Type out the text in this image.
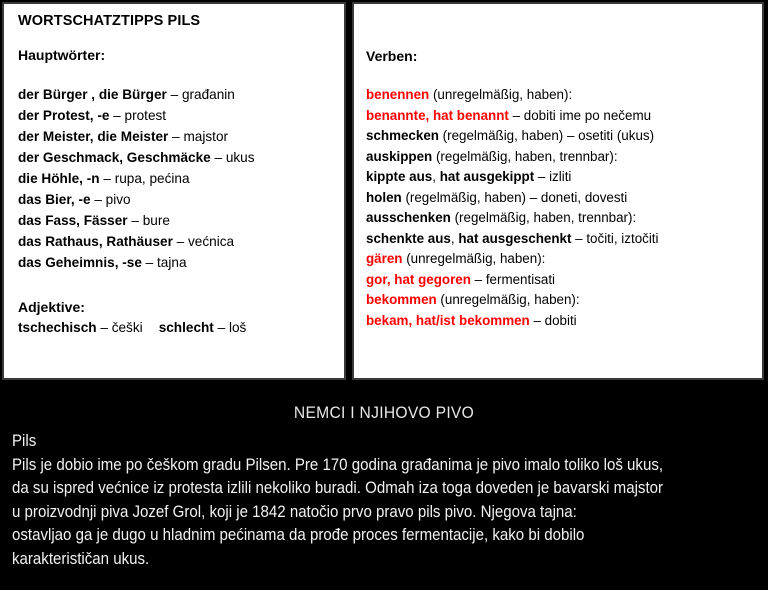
WORTSCHATZTIPPS PILS
Hauptwörter:
der Bürger , die Bürger – građanin
der Protest, -e – protest
der Meister, die Meister – majstor
der Geschmack, Geschmäcke – ukus
die Höhle, -n – rupa, pećina
das Bier, -e – pivo
das Fass, Fässer – bure
das Rathaus, Rathäuser – većnica
das Geheimnis, -se – tajna
Adjektive:
tschechisch – češki schlecht – loš
Verben:
benennen (unregelmäßig, haben):
benannte, hat benannt – dobiti ime po nečemu
schmecken (regelmäßig, haben) – osetiti (ukus)
auskippen (regelmäßig, haben, trennbar):
kippte aus, hat ausgekippt – izliti
holen (regelmäßig, haben) – doneti, dovesti
ausschenken (regelmäßig, haben, trennbar):
schenkte aus, hat ausgeschenkt – točiti, iztočiti
gären (unregelmäßig, haben):
gor, hat gegoren – fermentisati
bekommen (unregelmäßig, haben):
bekam, hat/ist bekommen – dobiti
NEMCI I NJIHOVO PIVO
Pils
Pils je dobio ime po češkom gradu Pilsen. Pre 170 godina građanima je pivo imalo toliko loš ukus,
da su ispred većnice iz protesta izlili nekoliko buradi. Odmah iza toga doveden je bavarski majstor
u proizvodnji piva Jozef Grol, koji je 1842 natočio prvo pravo pils pivo. Njegova tajna:
ostavljao ga je dugo u hladnim pećinama da prođe proces fermentacije, kako bi dobilo
karakterističan ukus.
